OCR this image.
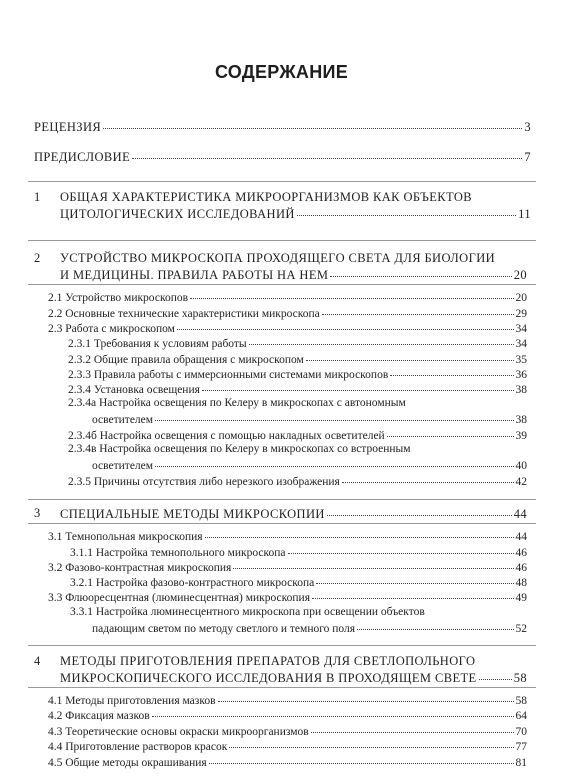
СОДЕРЖАНИЕ
РЕЦЕНЗИЯ	3
ПРЕДИСЛОВИЕ	7
1 ОБЩАЯ ХАРАКТЕРИСТИКА МИКРООРГАНИЗМОВ КАК ОБЪЕКТОВ
ЦИТОЛОГИЧЕСКИХ ИССЛЕДОВАНИЙ	11
2 УСТРОЙСТВО МИКРОСКОПА ПРОХОДЯЩЕГО СВЕТА ДЛЯ БИОЛОГИИ
И МЕДИЦИНЫ. ПРАВИЛА РАБОТЫ НА НЕМ	20
2.1 Устройство микроскопов	20
2.2 Основные технические характеристики микроскопа	29
2.3 Работа с микроскопом	34
2.3.1 Требования к условиям работы	34
2.3.2 Общие правила обращения с микроскопом	35
2.3.3 Правила работы с иммерсионными системами микроскопов	36
2.3.4 Установка освещения	38
2.3.4а Настройка освещения по Келеру в микроскопах с автономным
осветителем	38
2.3.4б Настройка освещения с помощью накладных осветителей	39
2.3.4в Настройка освещения по Келеру в микроскопах со встроенным
осветителем	40
2.3.5 Причины отсутствия либо нерезкого изображения	42
3 СПЕЦИАЛЬНЫЕ МЕТОДЫ МИКРОСКОПИИ	44
3.1 Темнопольная микроскопия	44
3.1.1 Настройка темнопольного микроскопа	46
3.2 Фазово-контрастная микроскопия	46
3.2.1 Настройка фазово-контрастного микроскопа	48
3.3 Флюоресцентная (люминесцентная) микроскопия	49
3.3.1 Настройка люминесцентного микроскопа при освещении объектов
падающим светом по методу светлого и темного поля	52
4 МЕТОДЫ ПРИГОТОВЛЕНИЯ ПРЕПАРАТОВ ДЛЯ СВЕТЛОПОЛЬНОГО
МИКРОСКОПИЧЕСКОГО ИССЛЕДОВАНИЯ В ПРОХОДЯЩЕМ СВЕТЕ	58
4.1 Методы приготовления мазков	58
4.2 Фиксация мазков	64
4.3 Теоретические основы окраски микроорганизмов	70
4.4 Приготовление растворов красок	77
4.5 Общие методы окрашивания	81
